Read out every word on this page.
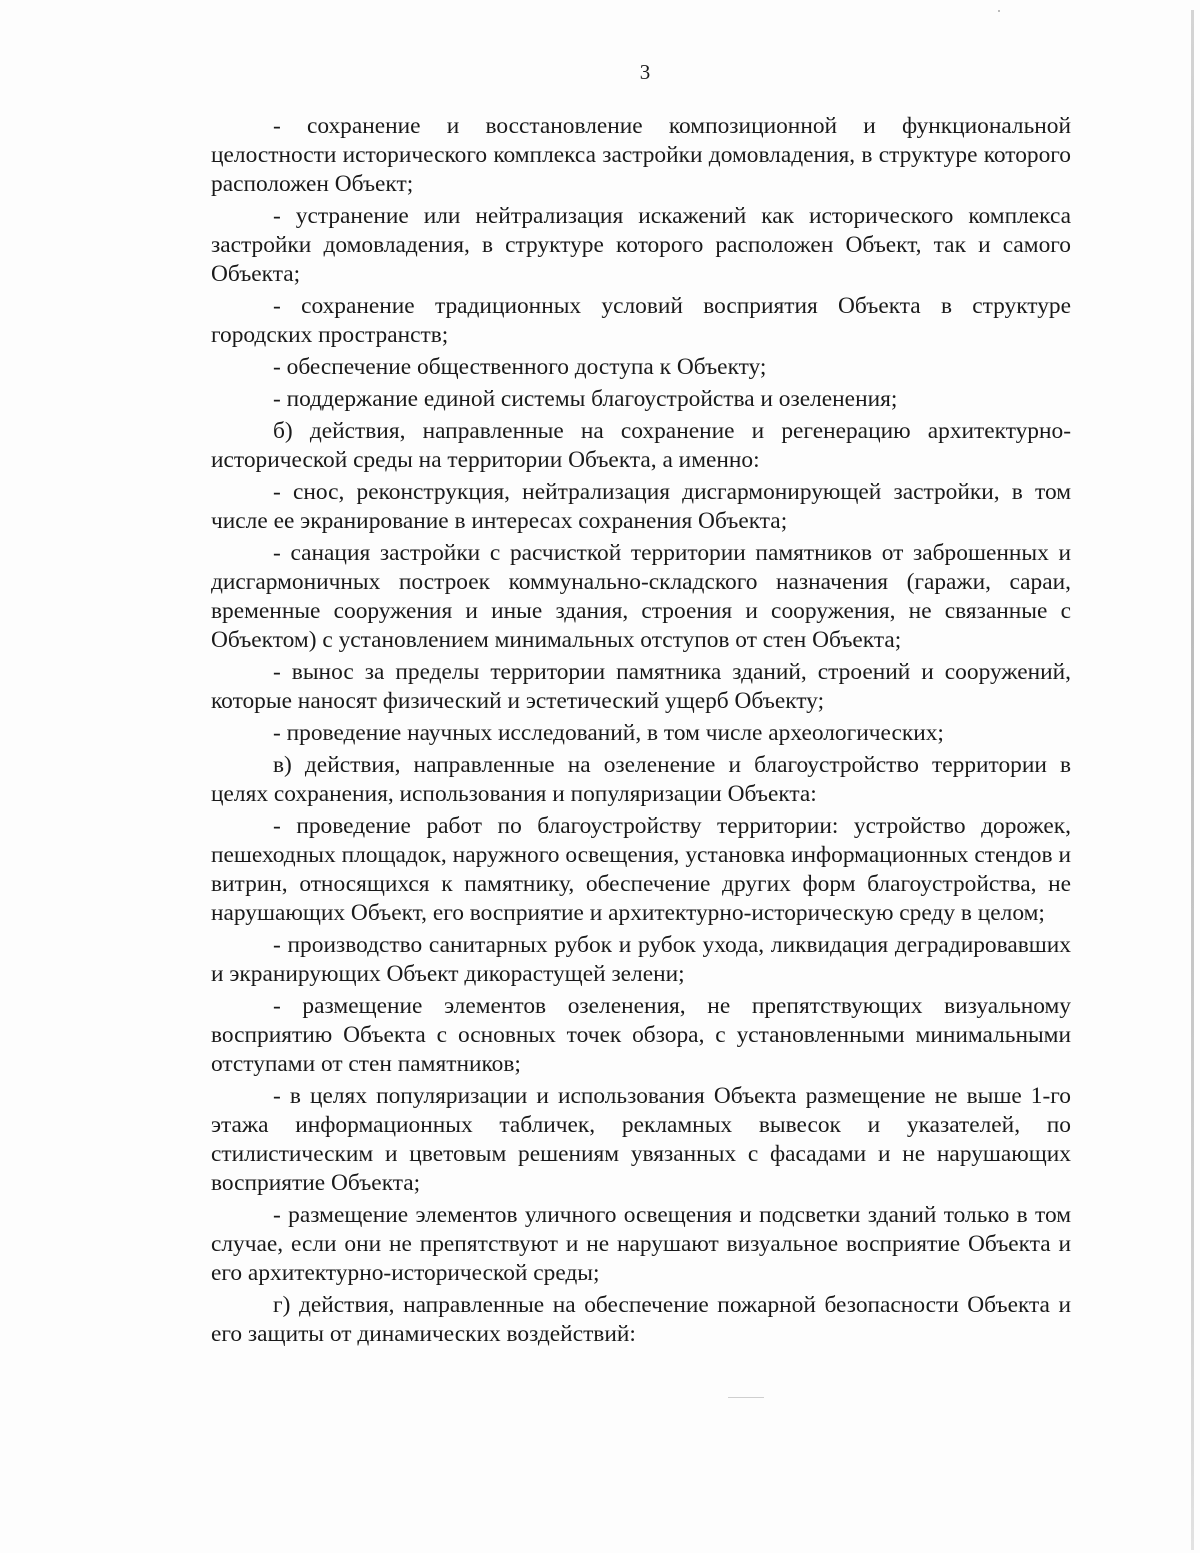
3

- сохранение и восстановление композиционной и функциональной целостности исторического комплекса застройки домовладения, в структуре которого расположен Объект;

- устранение или нейтрализация искажений как исторического комплекса застройки домовладения, в структуре которого расположен Объект, так и самого Объекта;

- сохранение традиционных условий восприятия Объекта в структуре городских пространств;

- обеспечение общественного доступа к Объекту;

- поддержание единой системы благоустройства и озеленения;

б) действия, направленные на сохранение и регенерацию архитектурно-исторической среды на территории Объекта, а именно:

- снос, реконструкция, нейтрализация дисгармонирующей застройки, в том числе ее экранирование в интересах сохранения Объекта;

- санация застройки с расчисткой территории памятников от заброшенных и дисгармоничных построек коммунально-складского назначения (гаражи, сараи, временные сооружения и иные здания, строения и сооружения, не связанные с Объектом) с установлением минимальных отступов от стен Объекта;

- вынос за пределы территории памятника зданий, строений и сооружений, которые наносят физический и эстетический ущерб Объекту;

- проведение научных исследований, в том числе археологических;

в) действия, направленные на озеленение и благоустройство территории в целях сохранения, использования и популяризации Объекта:

- проведение работ по благоустройству территории: устройство дорожек, пешеходных площадок, наружного освещения, установка информационных стендов и витрин, относящихся к памятнику, обеспечение других форм благоустройства, не нарушающих Объект, его восприятие и архитектурно-историческую среду в целом;

- производство санитарных рубок и рубок ухода, ликвидация деградировавших и экранирующих Объект дикорастущей зелени;

- размещение элементов озеленения, не препятствующих визуальному восприятию Объекта с основных точек обзора, с установленными минимальными отступами от стен памятников;

- в целях популяризации и использования Объекта размещение не выше 1-го этажа информационных табличек, рекламных вывесок и указателей, по стилистическим и цветовым решениям увязанных с фасадами и не нарушающих восприятие Объекта;

- размещение элементов уличного освещения и подсветки зданий только в том случае, если они не препятствуют и не нарушают визуальное восприятие Объекта и его архитектурно-исторической среды;

г) действия, направленные на обеспечение пожарной безопасности Объекта и его защиты от динамических воздействий:
